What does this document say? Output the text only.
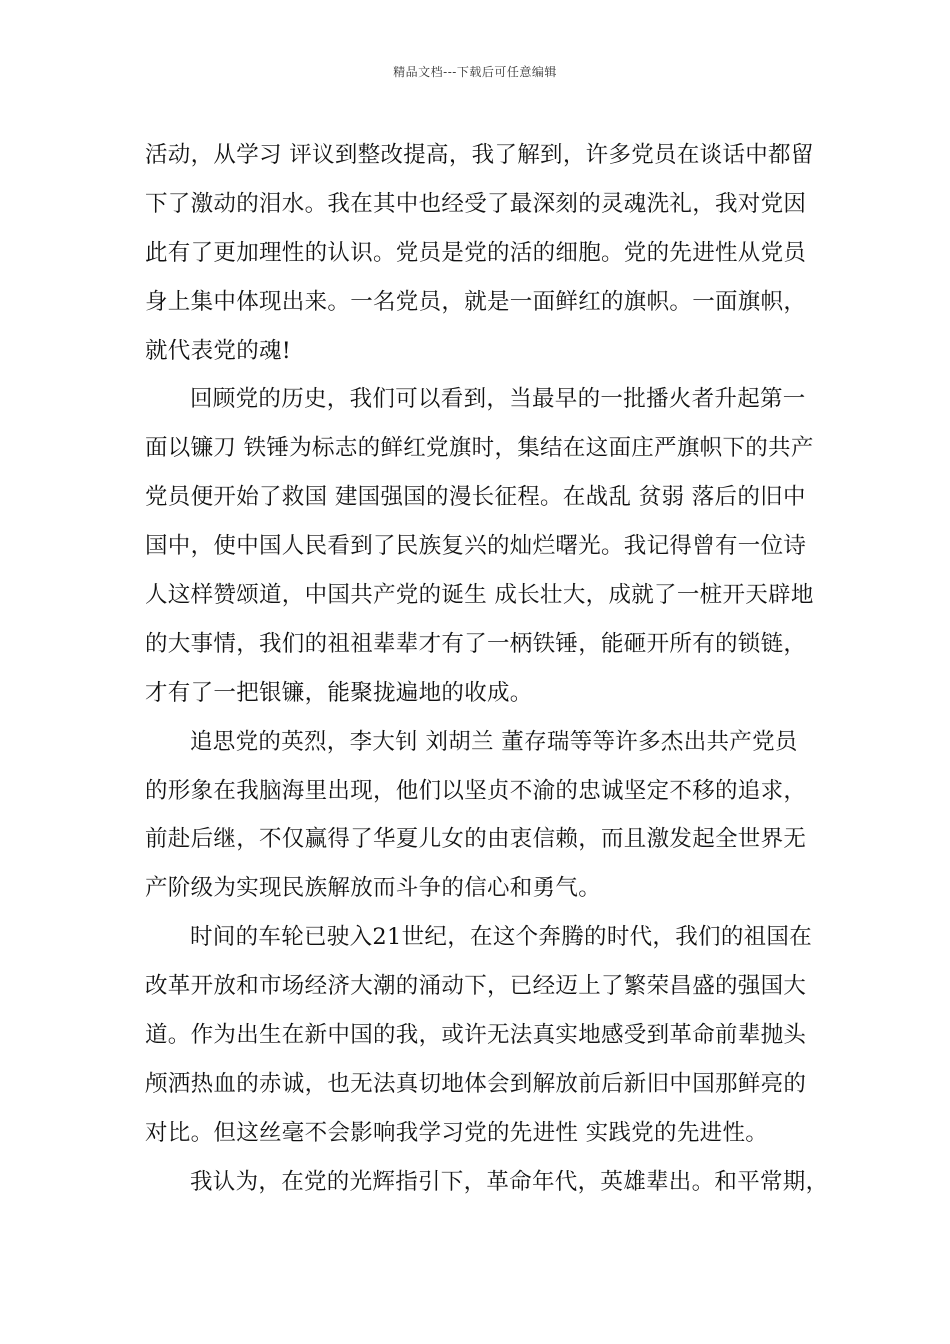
精品文档---下载后可任意编辑
活动，从学习 评议到整改提高，我了解到，许多党员在谈话中都留
下了激动的泪水。我在其中也经受了最深刻的灵魂洗礼，我对党因
此有了更加理性的认识。党员是党的活的细胞。党的先进性从党员
身上集中体现出来。一名党员，就是一面鲜红的旗帜。一面旗帜，
就代表党的魂!
回顾党的历史，我们可以看到，当最早的一批播火者升起第一
面以镰刀 铁锤为标志的鲜红党旗时，集结在这面庄严旗帜下的共产
党员便开始了救国 建国强国的漫长征程。在战乱 贫弱 落后的旧中
国中，使中国人民看到了民族复兴的灿烂曙光。我记得曾有一位诗
人这样赞颂道，中国共产党的诞生 成长壮大，成就了一桩开天辟地
的大事情，我们的祖祖辈辈才有了一柄铁锤，能砸开所有的锁链，
才有了一把银镰，能聚拢遍地的收成。
追思党的英烈，李大钊 刘胡兰 董存瑞等等许多杰出共产党员
的形象在我脑海里出现，他们以坚贞不渝的忠诚坚定不移的追求，
前赴后继，不仅赢得了华夏儿女的由衷信赖，而且激发起全世界无
产阶级为实现民族解放而斗争的信心和勇气。
时间的车轮已驶入21世纪，在这个奔腾的时代，我们的祖国在
改革开放和市场经济大潮的涌动下，已经迈上了繁荣昌盛的强国大
道。作为出生在新中国的我，或许无法真实地感受到革命前辈抛头
颅洒热血的赤诚，也无法真切地体会到解放前后新旧中国那鲜亮的
对比。但这丝毫不会影响我学习党的先进性 实践党的先进性。
我认为，在党的光辉指引下，革命年代，英雄辈出。和平常期，
